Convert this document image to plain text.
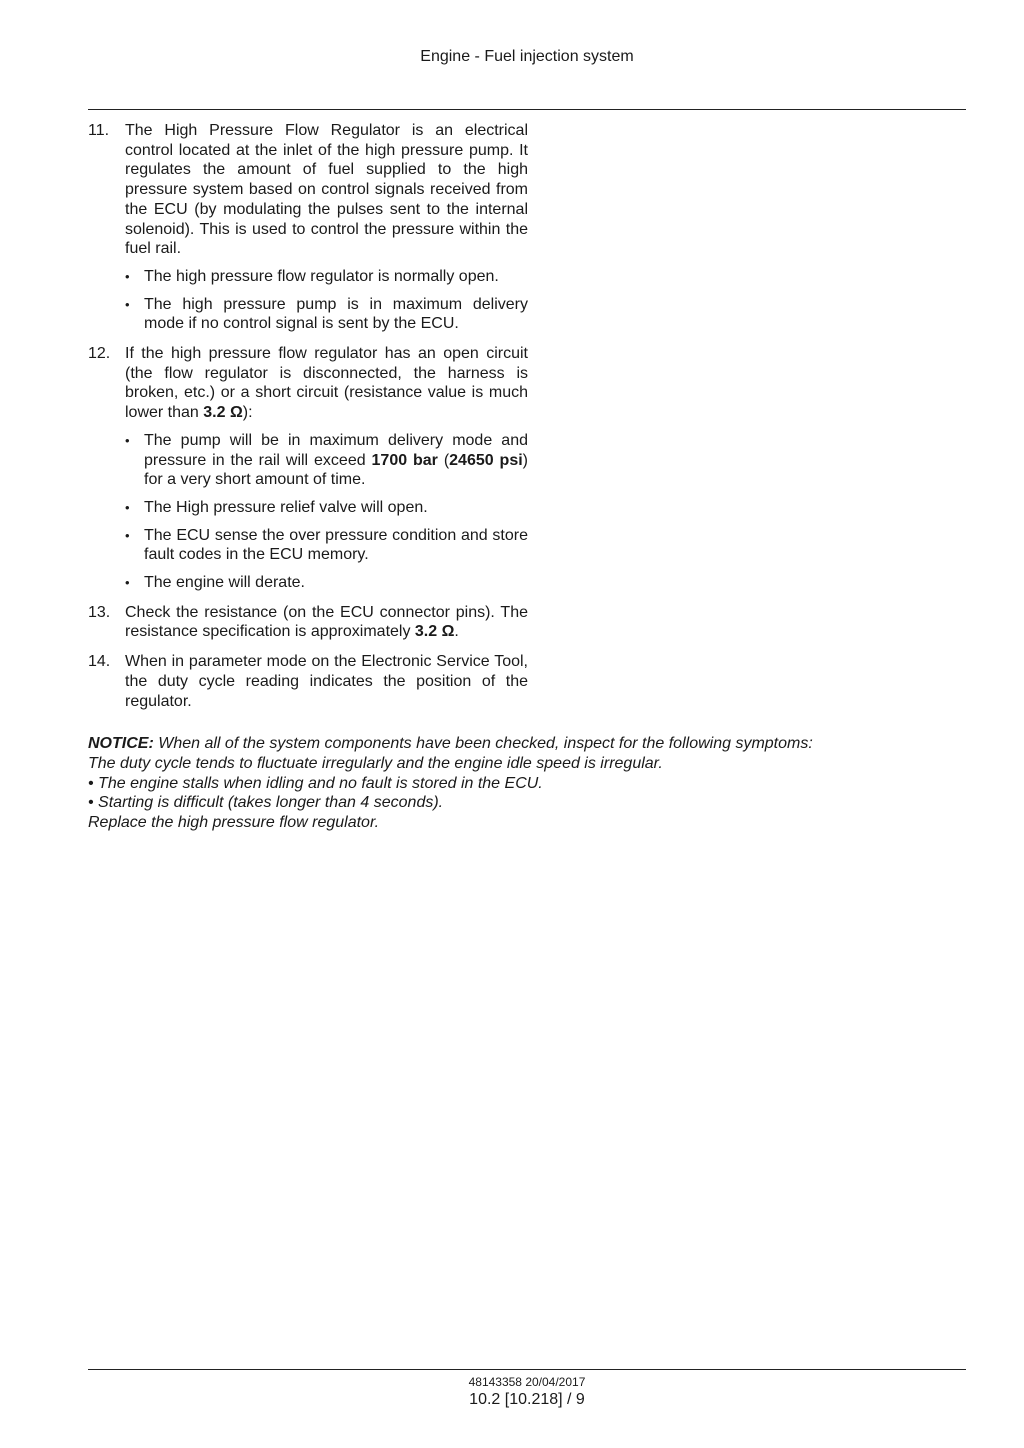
Engine - Fuel injection system
11. The High Pressure Flow Regulator is an electrical control located at the inlet of the high pressure pump. It regulates the amount of fuel supplied to the high pressure system based on control signals received from the ECU (by modulating the pulses sent to the internal solenoid). This is used to control the pressure within the fuel rail.
• The high pressure flow regulator is normally open.
• The high pressure pump is in maximum delivery mode if no control signal is sent by the ECU.
12. If the high pressure flow regulator has an open circuit (the flow regulator is disconnected, the harness is broken, etc.) or a short circuit (resistance value is much lower than 3.2 Ω):
• The pump will be in maximum delivery mode and pressure in the rail will exceed 1700 bar (24650 psi) for a very short amount of time.
• The High pressure relief valve will open.
• The ECU sense the over pressure condition and store fault codes in the ECU memory.
• The engine will derate.
13. Check the resistance (on the ECU connector pins). The resistance specification is approximately 3.2 Ω.
14. When in parameter mode on the Electronic Service Tool, the duty cycle reading indicates the position of the regulator.
NOTICE: When all of the system components have been checked, inspect for the following symptoms:
The duty cycle tends to fluctuate irregularly and the engine idle speed is irregular.
• The engine stalls when idling and no fault is stored in the ECU.
• Starting is difficult (takes longer than 4 seconds).
Replace the high pressure flow regulator.
48143358 20/04/2017
10.2 [10.218] / 9
